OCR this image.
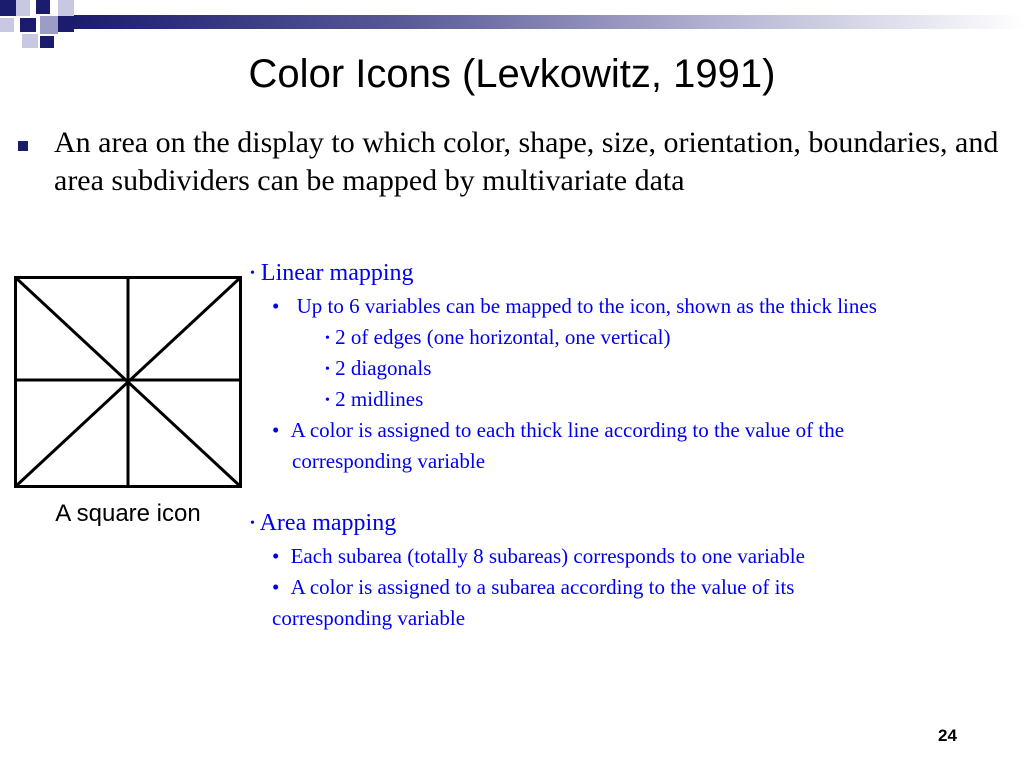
Color Icons (Levkowitz, 1991)
An area on the display to which color, shape, size, orientation, boundaries, and area subdividers can be mapped by multivariate data
A square icon
• Linear mapping
• Up to 6 variables can be mapped to the icon, shown as the thick lines
• 2 of edges (one horizontal, one vertical)
• 2 diagonals
• 2 midlines
• A color is assigned to each thick line according to the value of the
corresponding variable
• Area mapping
• Each subarea (totally 8 subareas) corresponds to one variable
• A color is assigned to a subarea according to the value of its
corresponding variable
24
